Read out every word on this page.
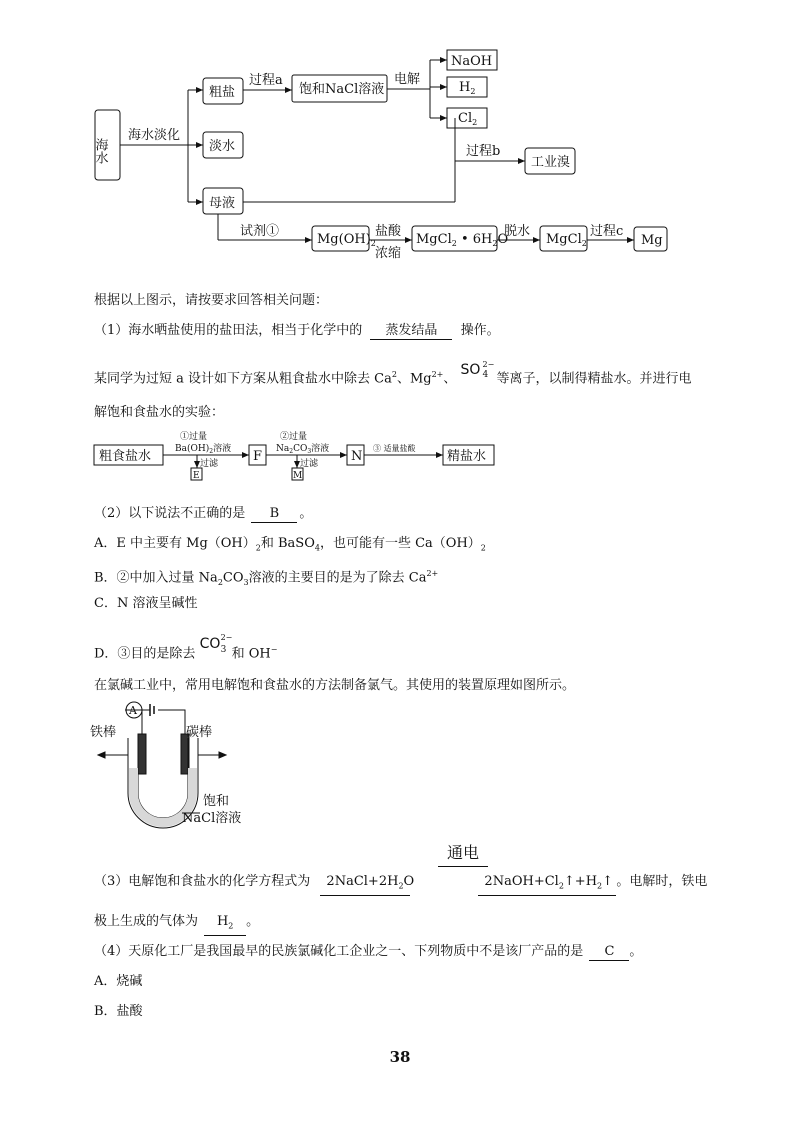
海水
海水淡化
粗盐
过程a
饱和NaCl溶液
电解
NaOH
$H_2$
$Cl_2$
淡水	过程b
工业溴
母液
试剂①
$Mg(OH)_2$
盐酸
浓缩
MgCl$_2$ • $6H_2O$
脱水
MgCl$_2$
过程c
Mg
根据以上图示，请按要求回答相关问题：
（1）海水晒盐使用的盐田法，相当于化学中的 蒸发结晶 操作。
某同学为过短 a 设计如下方案从粗食盐水中除去 Ca$^2$、$Mg^{2+}$、
SO 2−
4 等离子，以制得精盐水。并进行电
解饱和食盐水的实验：
粗食盐水
①过量
$Ba(OH)_2$溶液
过滤
E
F
②过量
$Na_2CO_3$溶液
过滤
M
N
③ 适量盐酸
精盐水
（2）以下说法不正确的是 B 。
A．E 中主要有 $Mg(OH)_2$和 BaSO$_4$，也可能有一些 $Ca(OH)_2$
B．②中加入过量 $Na_2CO_3$溶液的主要目的是为了除去 $Ca^{2+}$
C．N 溶液呈碱性
D．③目的是除去
CO 2−
3 和 OH−
在氯碱工业中，常用电解饱和食盐水的方法制备氯气。其使用的装置原理如图所示。
A
铁棒	碳棒
饱和
NaCl溶液
通电
（3）电解饱和食盐水的化学方程式为 $2NaCl+2H_2O$	$2NaOH+Cl_2↑+H_2↑$ 。电解时，铁电
极上生成的气体为 $H_2$ 。
（4）天原化工厂是我国最早的民族氯碱化工企业之一、下列物质中不是该厂产品的是 C 。
A．烧碱
B．盐酸
38
